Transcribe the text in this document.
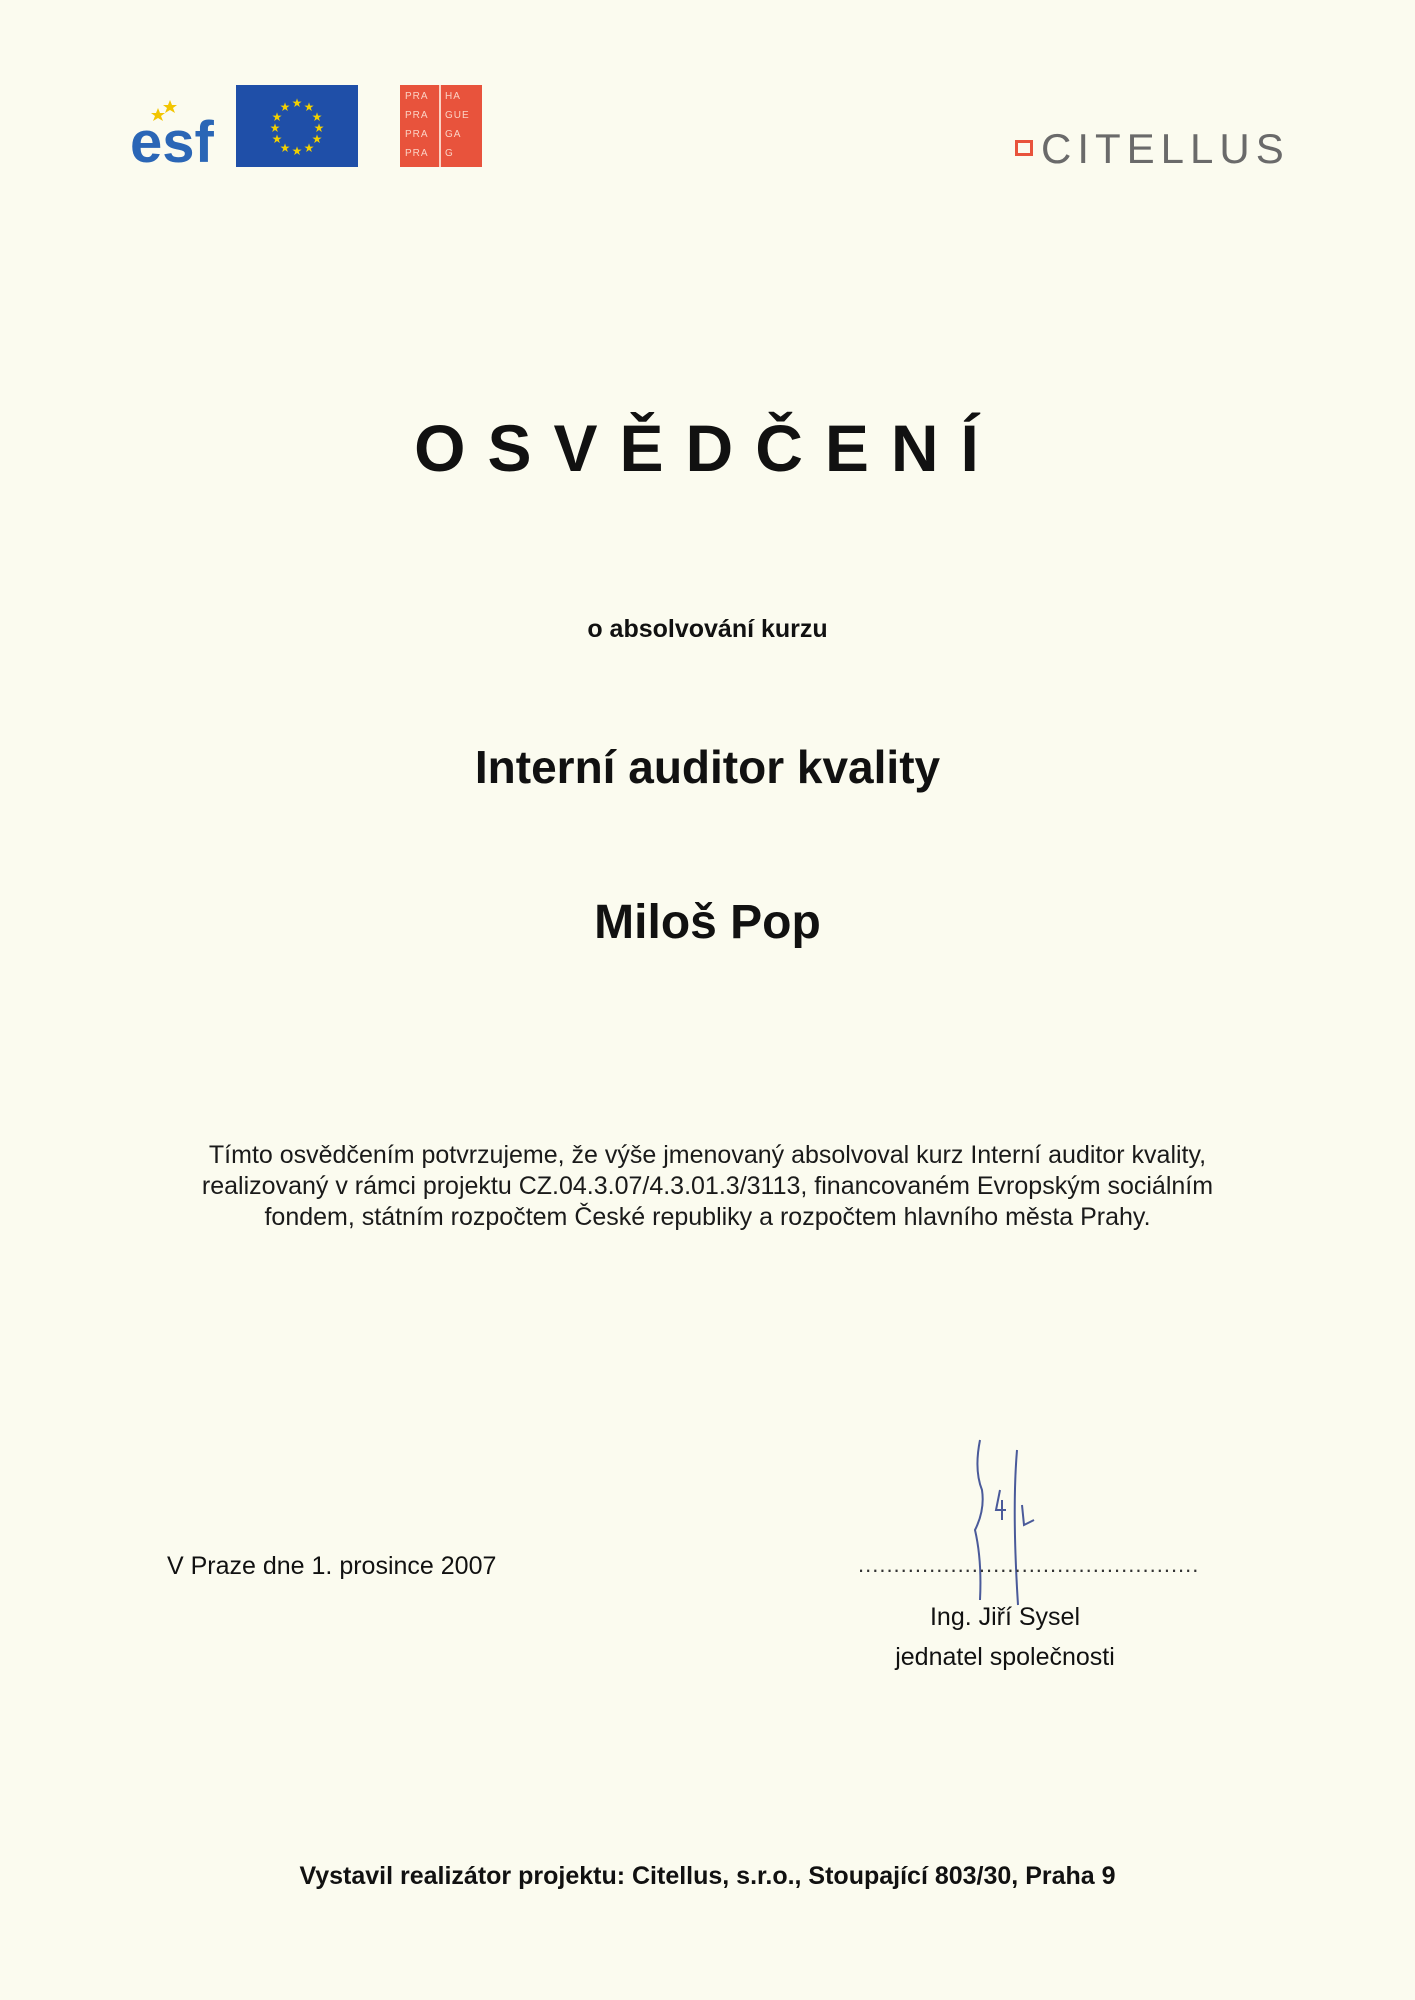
esf
★ ★
★
★
★
★
★
★
★
★
★
★
PRA HA
PRA GUE
PRA GA
PRA G	CITELLUS
OSVĚDČENÍ
o absolvování kurzu
Interní auditor kvality
Miloš Pop
Tímto osvědčením potvrzujeme, že výše jmenovaný absolvoval kurz Interní auditor kvality,
realizovaný v rámci projektu CZ.04.3.07/4.3.01.3/3113, financovaném Evropským sociálním
fondem, státním rozpočtem České republiky a rozpočtem hlavního města Prahy.
V Praze dne 1. prosince 2007	................................................
Ing. Jiří Sysel
jednatel společnosti
Vystavil realizátor projektu: Citellus, s.r.o., Stoupající 803/30, Praha 9
